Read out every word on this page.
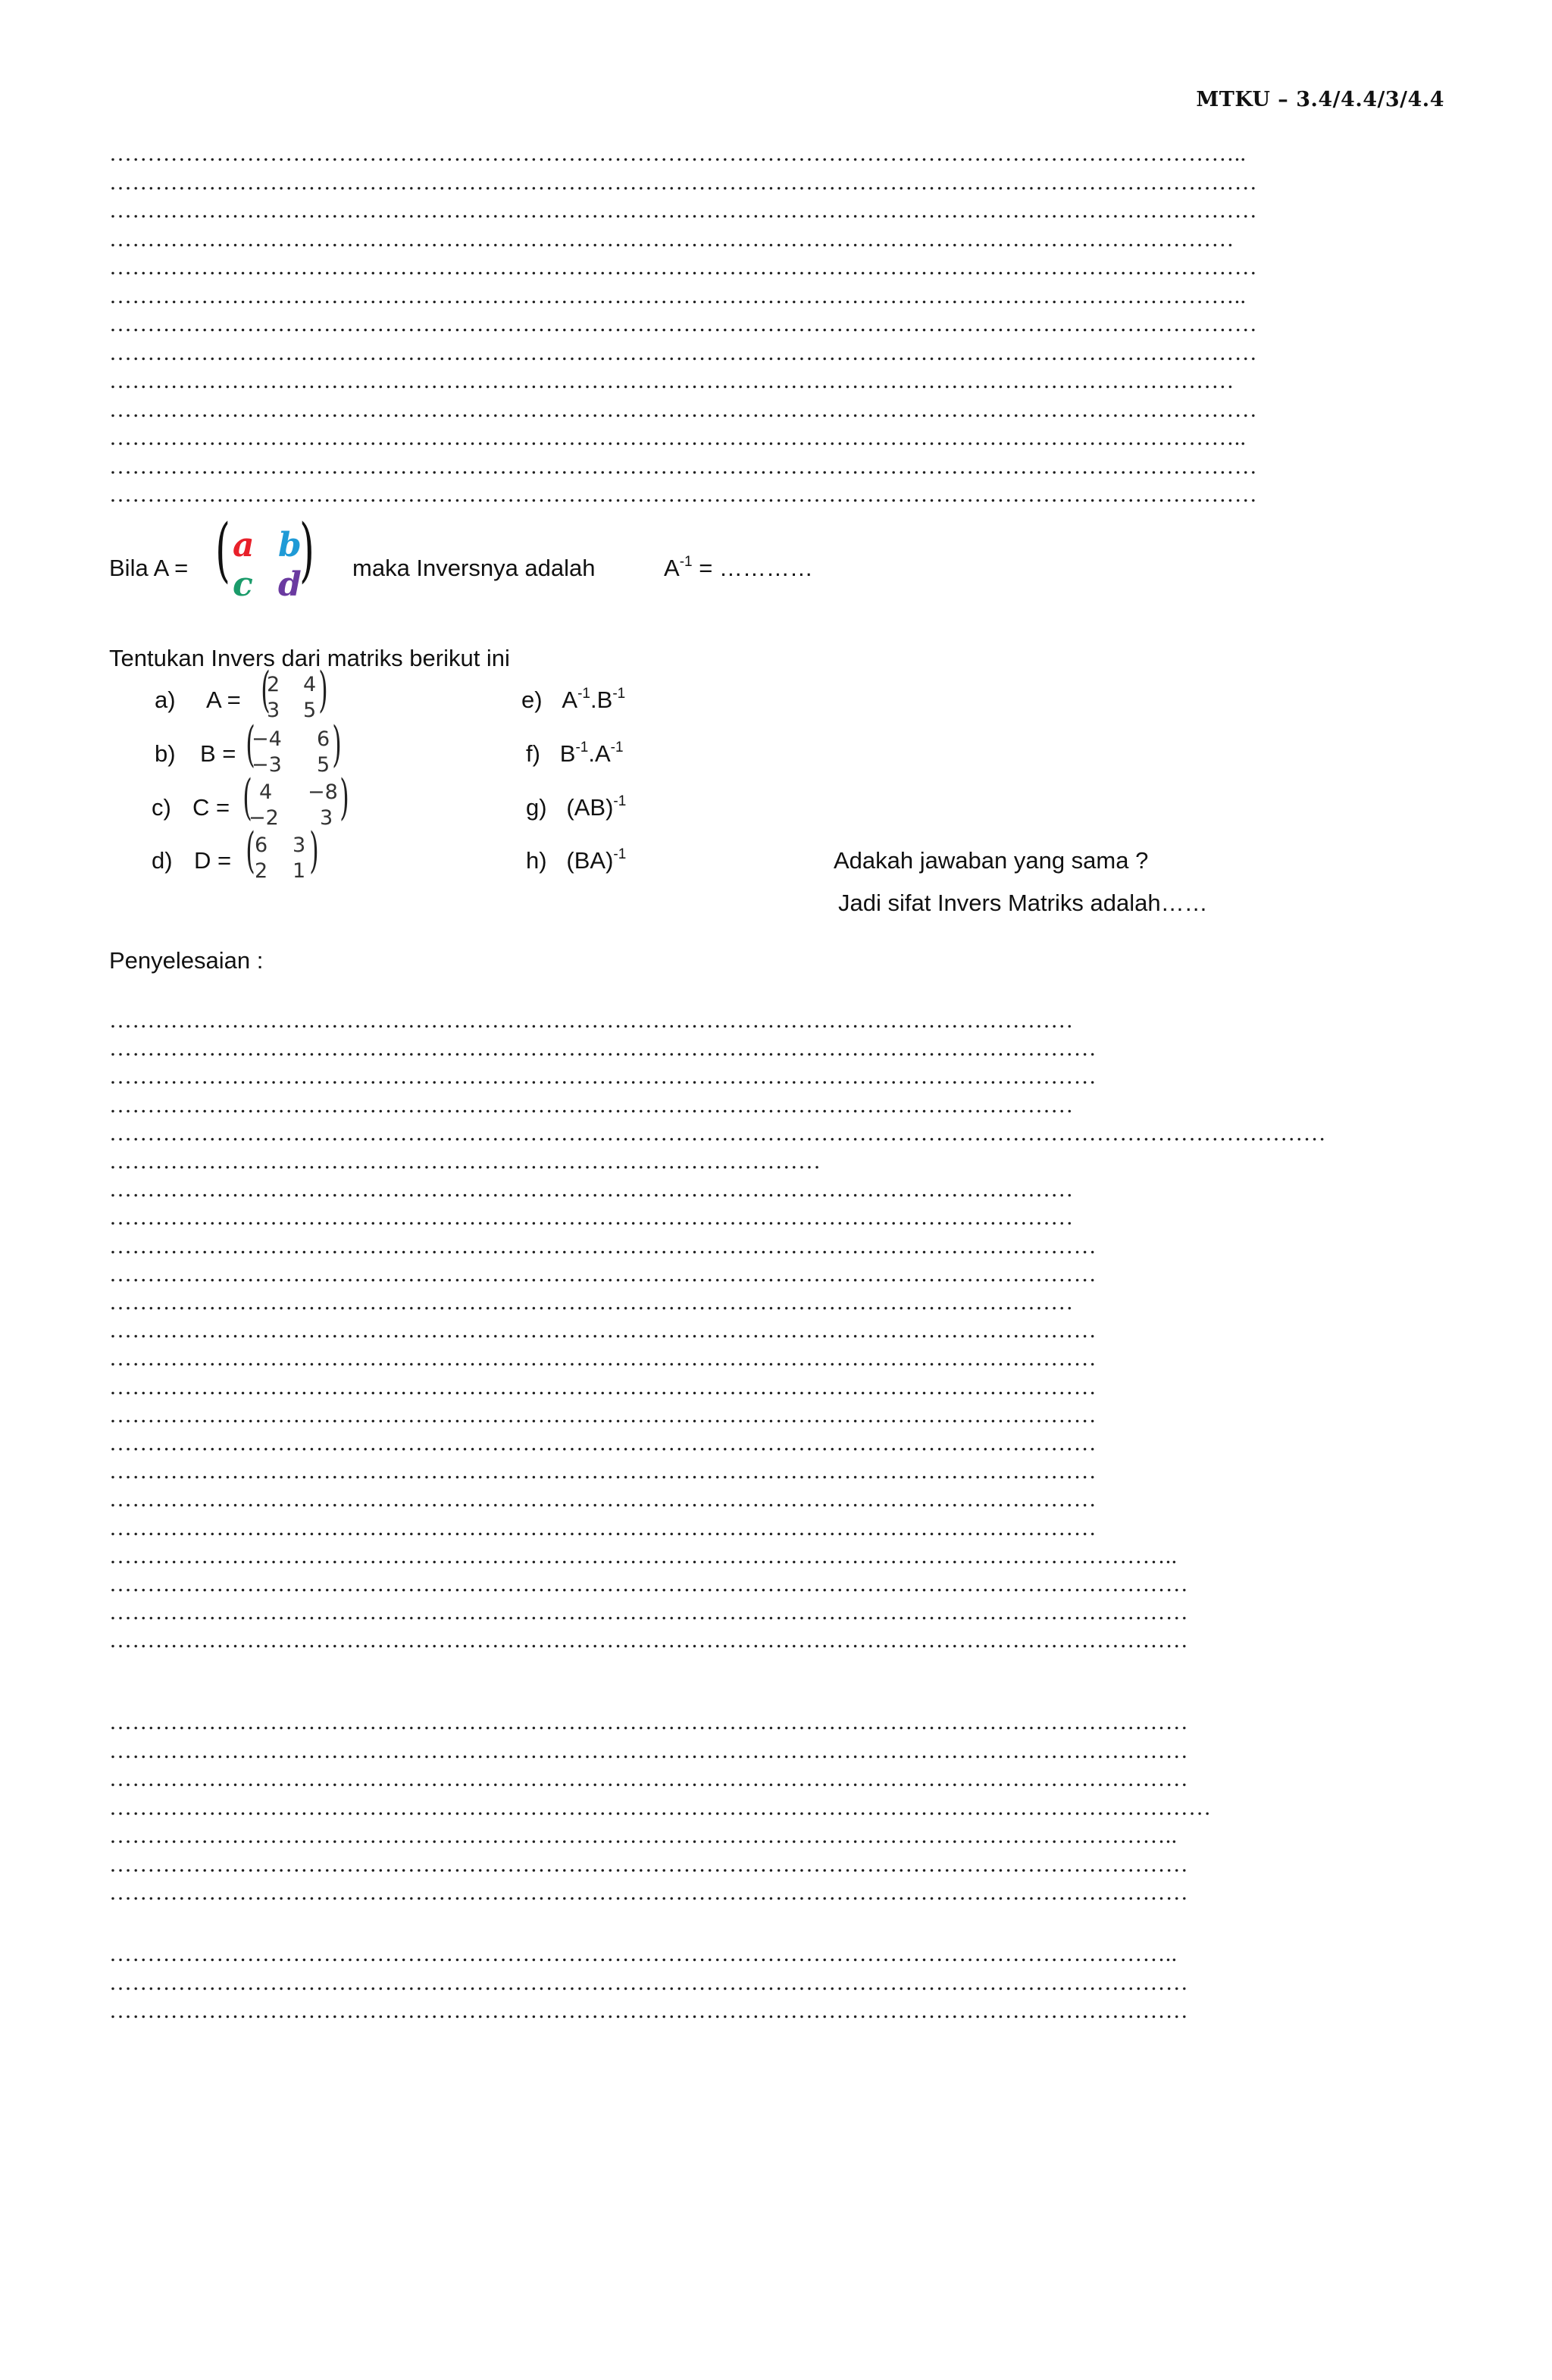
MTKU – 3.4/4.4/3/4.4
…………………………………………………………………………………………………………………………………..
……………………………………………………………………………………………………………………………………
……………………………………………………………………………………………………………………………………
…………………………………………………………………………………………………………………………………
……………………………………………………………………………………………………………………………………
…………………………………………………………………………………………………………………………………..
……………………………………………………………………………………………………………………………………
……………………………………………………………………………………………………………………………………
…………………………………………………………………………………………………………………………………
……………………………………………………………………………………………………………………………………
…………………………………………………………………………………………………………………………………..
……………………………………………………………………………………………………………………………………
……………………………………………………………………………………………………………………………………
Bila A = ( a b
c d
) maka Inversnya adalah	$A^{-1}$ = …………
Tentukan Invers dari matriks berikut ini
a) A = (
2 4
3 5 )
b) B = (
−4 6
−3 5 )
c) C = ( 4 −8
−2 3 )
d) D = ( 6 3
2 1 )
e) $A^{-1}.B^{-1}$
f) $B^{-1}.A^{-1}$
g) (AB)$^{-1}$
h) (BA)$^{-1}$	Adakah jawaban yang sama ?
Jadi sifat Invers Matriks adalah……
Penyelesaian :
………………………………………………………………………………………………………………
…………………………………………………………………………………………………………………
…………………………………………………………………………………………………………………
………………………………………………………………………………………………………………
……………………………………………………………………………………………………………………………………………
…………………………………………………………………………………
………………………………………………………………………………………………………………
………………………………………………………………………………………………………………
…………………………………………………………………………………………………………………
…………………………………………………………………………………………………………………
………………………………………………………………………………………………………………
…………………………………………………………………………………………………………………
…………………………………………………………………………………………………………………
…………………………………………………………………………………………………………………
…………………………………………………………………………………………………………………
…………………………………………………………………………………………………………………
…………………………………………………………………………………………………………………
…………………………………………………………………………………………………………………
…………………………………………………………………………………………………………………
…………………………………………………………………………………………………………………………..
……………………………………………………………………………………………………………………………
……………………………………………………………………………………………………………………………
……………………………………………………………………………………………………………………………
……………………………………………………………………………………………………………………………
……………………………………………………………………………………………………………………………
……………………………………………………………………………………………………………………………
………………………………………………………………………………………………………………………………
…………………………………………………………………………………………………………………………..
……………………………………………………………………………………………………………………………
……………………………………………………………………………………………………………………………
…………………………………………………………………………………………………………………………..
……………………………………………………………………………………………………………………………
……………………………………………………………………………………………………………………………
